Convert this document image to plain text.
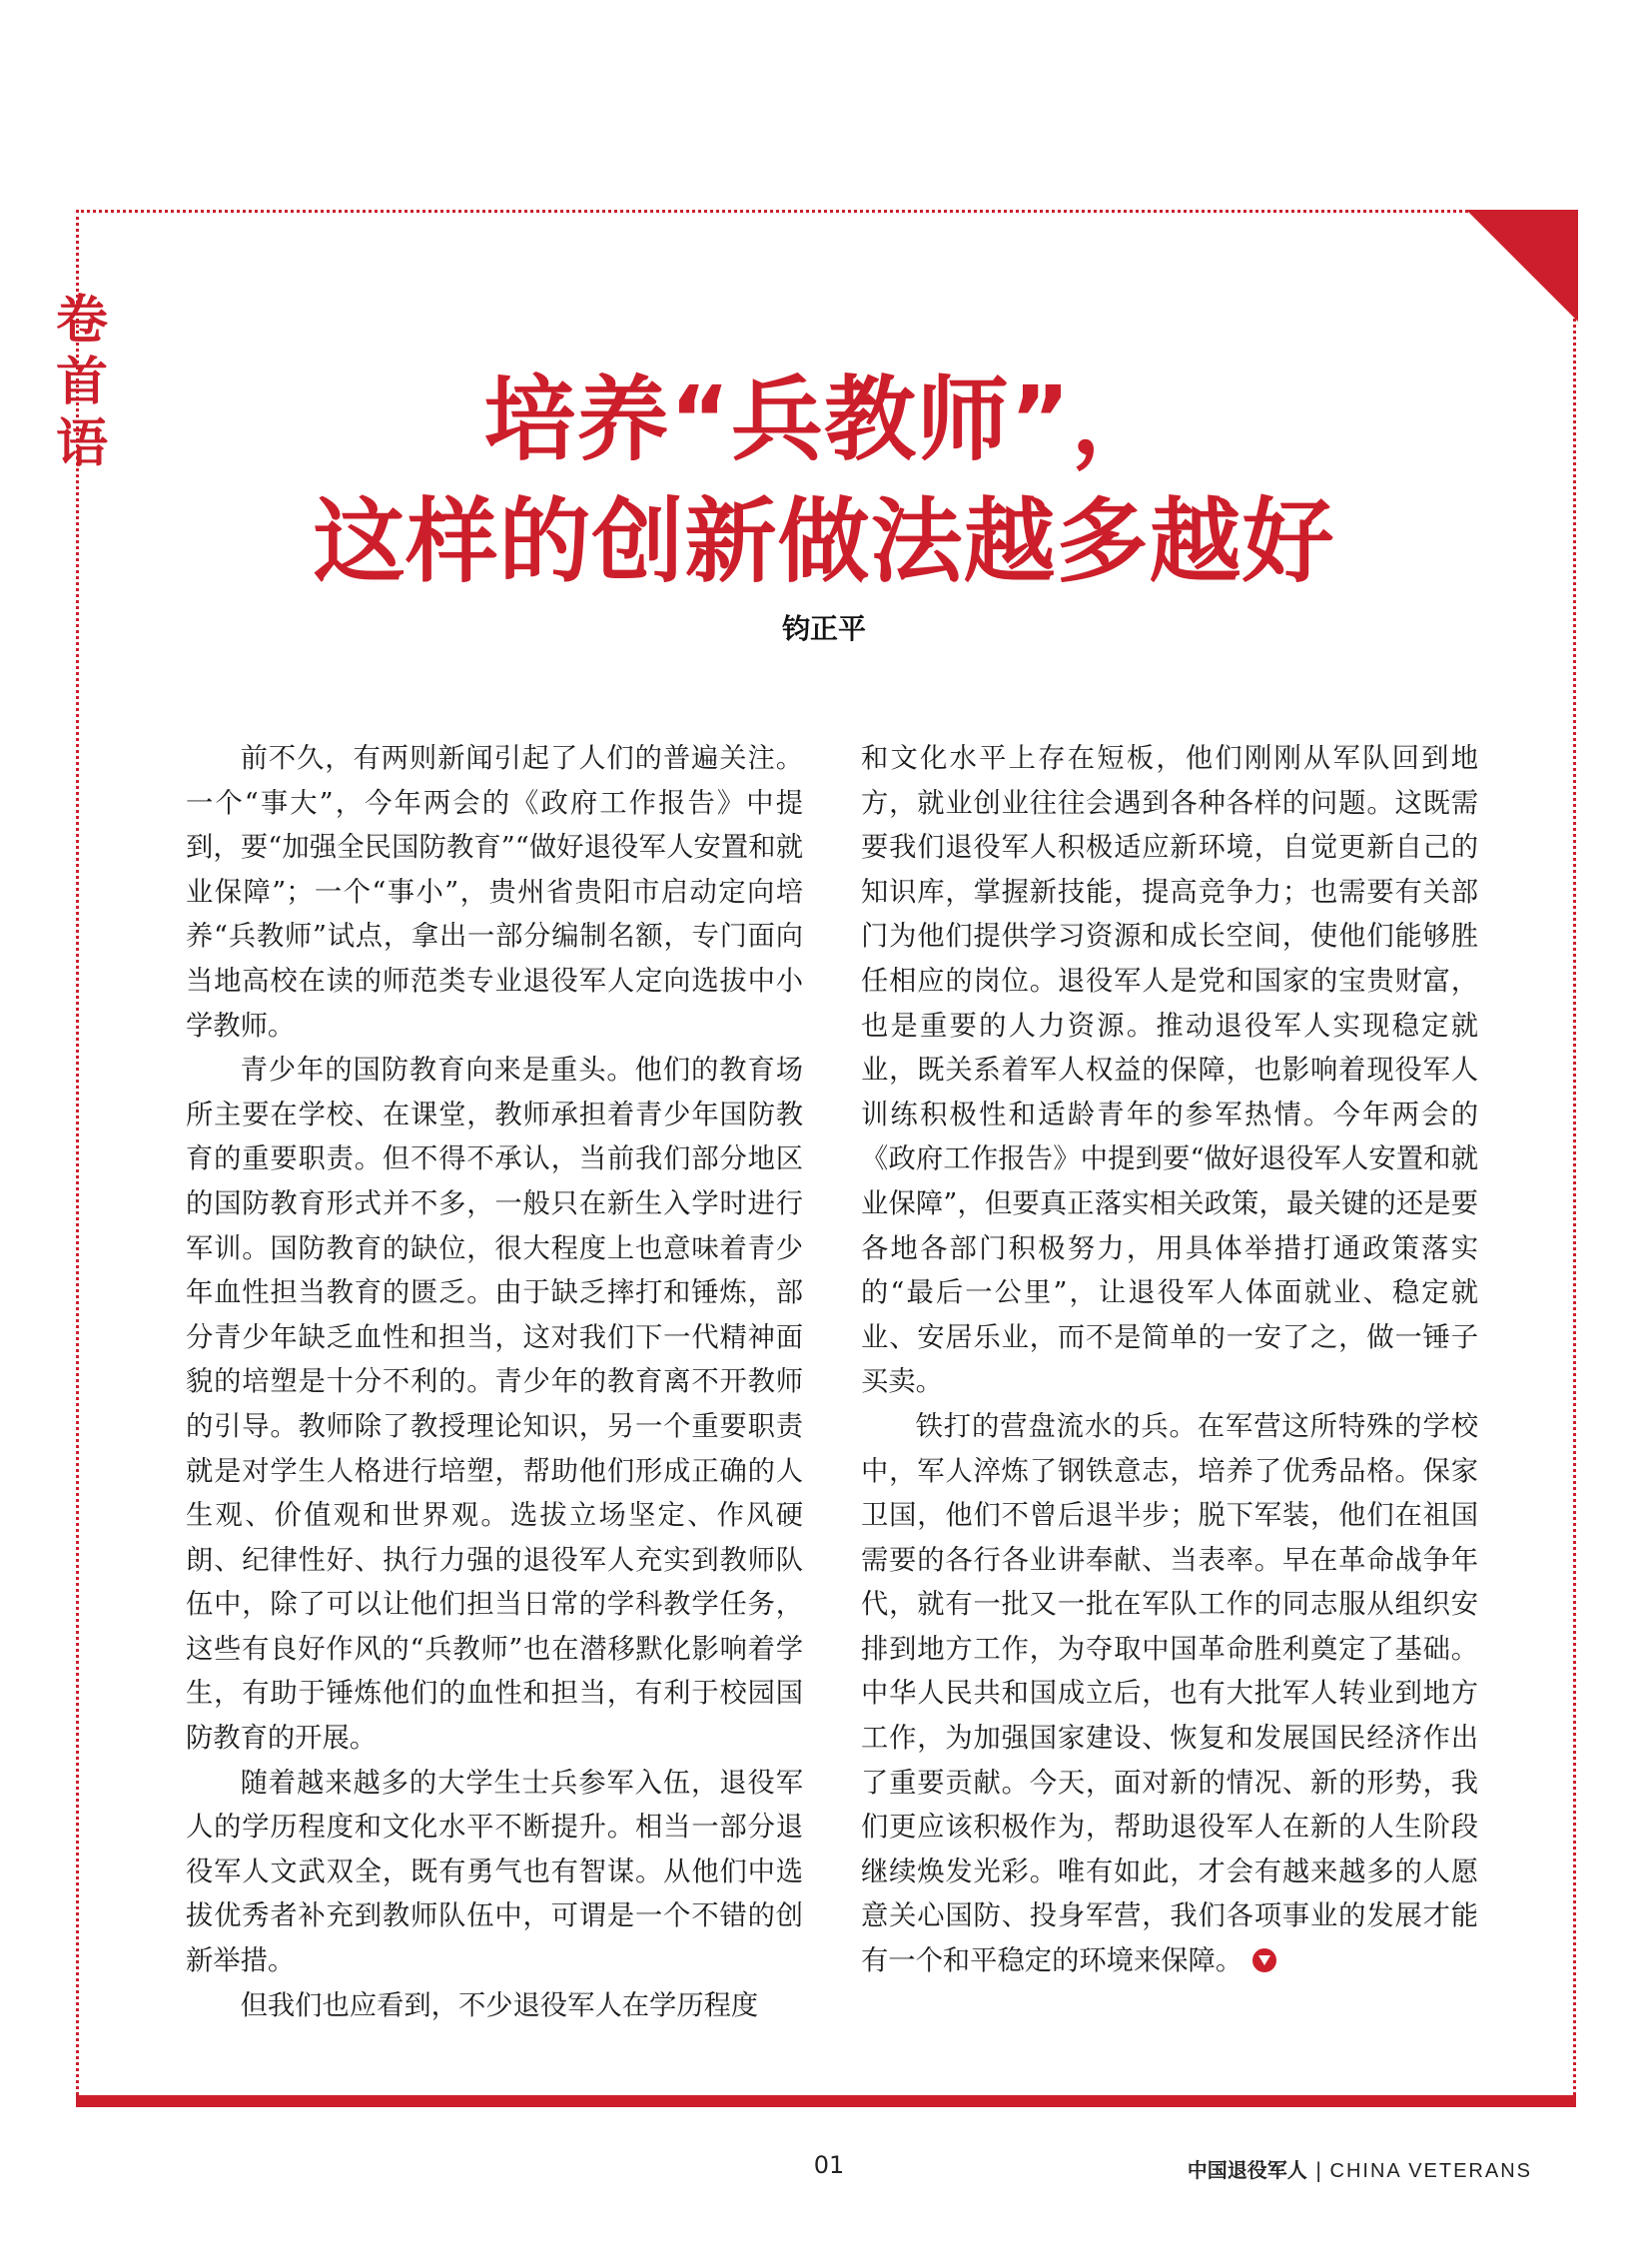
卷
首
语	培养“兵教师”，
这样的创新做法越多越好
钧正平

前不久，有两则新闻引起了人们的普遍关注。一个“事大”，今年两会的《政府工作报告》中提到，要“加强全民国防教育”“做好退役军人安置和就业保障”；一个“事小”，贵州省贵阳市启动定向培养“兵教师”试点，拿出一部分编制名额，专门面向当地高校在读的师范类专业退役军人定向选拔中小学教师。

青少年的国防教育向来是重头。他们的教育场所主要在学校、在课堂，教师承担着青少年国防教育的重要职责。但不得不承认，当前我们部分地区的国防教育形式并不多，一般只在新生入学时进行军训。国防教育的缺位，很大程度上也意味着青少年血性担当教育的匮乏。由于缺乏摔打和锤炼，部分青少年缺乏血性和担当，这对我们下一代精神面貌的培塑是十分不利的。青少年的教育离不开教师的引导。教师除了教授理论知识，另一个重要职责就是对学生人格进行培塑，帮助他们形成正确的人生观、价值观和世界观。选拔立场坚定、作风硬朗、纪律性好、执行力强的退役军人充实到教师队伍中，除了可以让他们担当日常的学科教学任务，这些有良好作风的“兵教师”也在潜移默化影响着学生，有助于锤炼他们的血性和担当，有利于校园国防教育的开展。

随着越来越多的大学生士兵参军入伍，退役军人的学历程度和文化水平不断提升。相当一部分退役军人文武双全，既有勇气也有智谋。从他们中选拔优秀者补充到教师队伍中，可谓是一个不错的创新举措。

但我们也应看到，不少退役军人在学历程度

和文化水平上存在短板，他们刚刚从军队回到地方，就业创业往往会遇到各种各样的问题。这既需要我们退役军人积极适应新环境，自觉更新自己的知识库，掌握新技能，提高竞争力；也需要有关部门为他们提供学习资源和成长空间，使他们能够胜任相应的岗位。退役军人是党和国家的宝贵财富，也是重要的人力资源。推动退役军人实现稳定就业，既关系着军人权益的保障，也影响着现役军人训练积极性和适龄青年的参军热情。今年两会的《政府工作报告》中提到要“做好退役军人安置和就业保障”，但要真正落实相关政策，最关键的还是要各地各部门积极努力，用具体举措打通政策落实的“最后一公里”，让退役军人体面就业、稳定就业、安居乐业，而不是简单的一安了之，做一锤子买卖。

铁打的营盘流水的兵。在军营这所特殊的学校中，军人淬炼了钢铁意志，培养了优秀品格。保家卫国，他们不曾后退半步；脱下军装，他们在祖国需要的各行各业讲奉献、当表率。早在革命战争年代，就有一批又一批在军队工作的同志服从组织安排到地方工作，为夺取中国革命胜利奠定了基础。中华人民共和国成立后，也有大批军人转业到地方工作，为加强国家建设、恢复和发展国民经济作出了重要贡献。今天，面对新的情况、新的形势，我们更应该积极作为，帮助退役军人在新的人生阶段继续焕发光彩。唯有如此，才会有越来越多的人愿意关心国防、投身军营，我们各项事业的发展才能有一个和平稳定的环境来保障。

01	中国退役军人 | CHINA VETERANS
